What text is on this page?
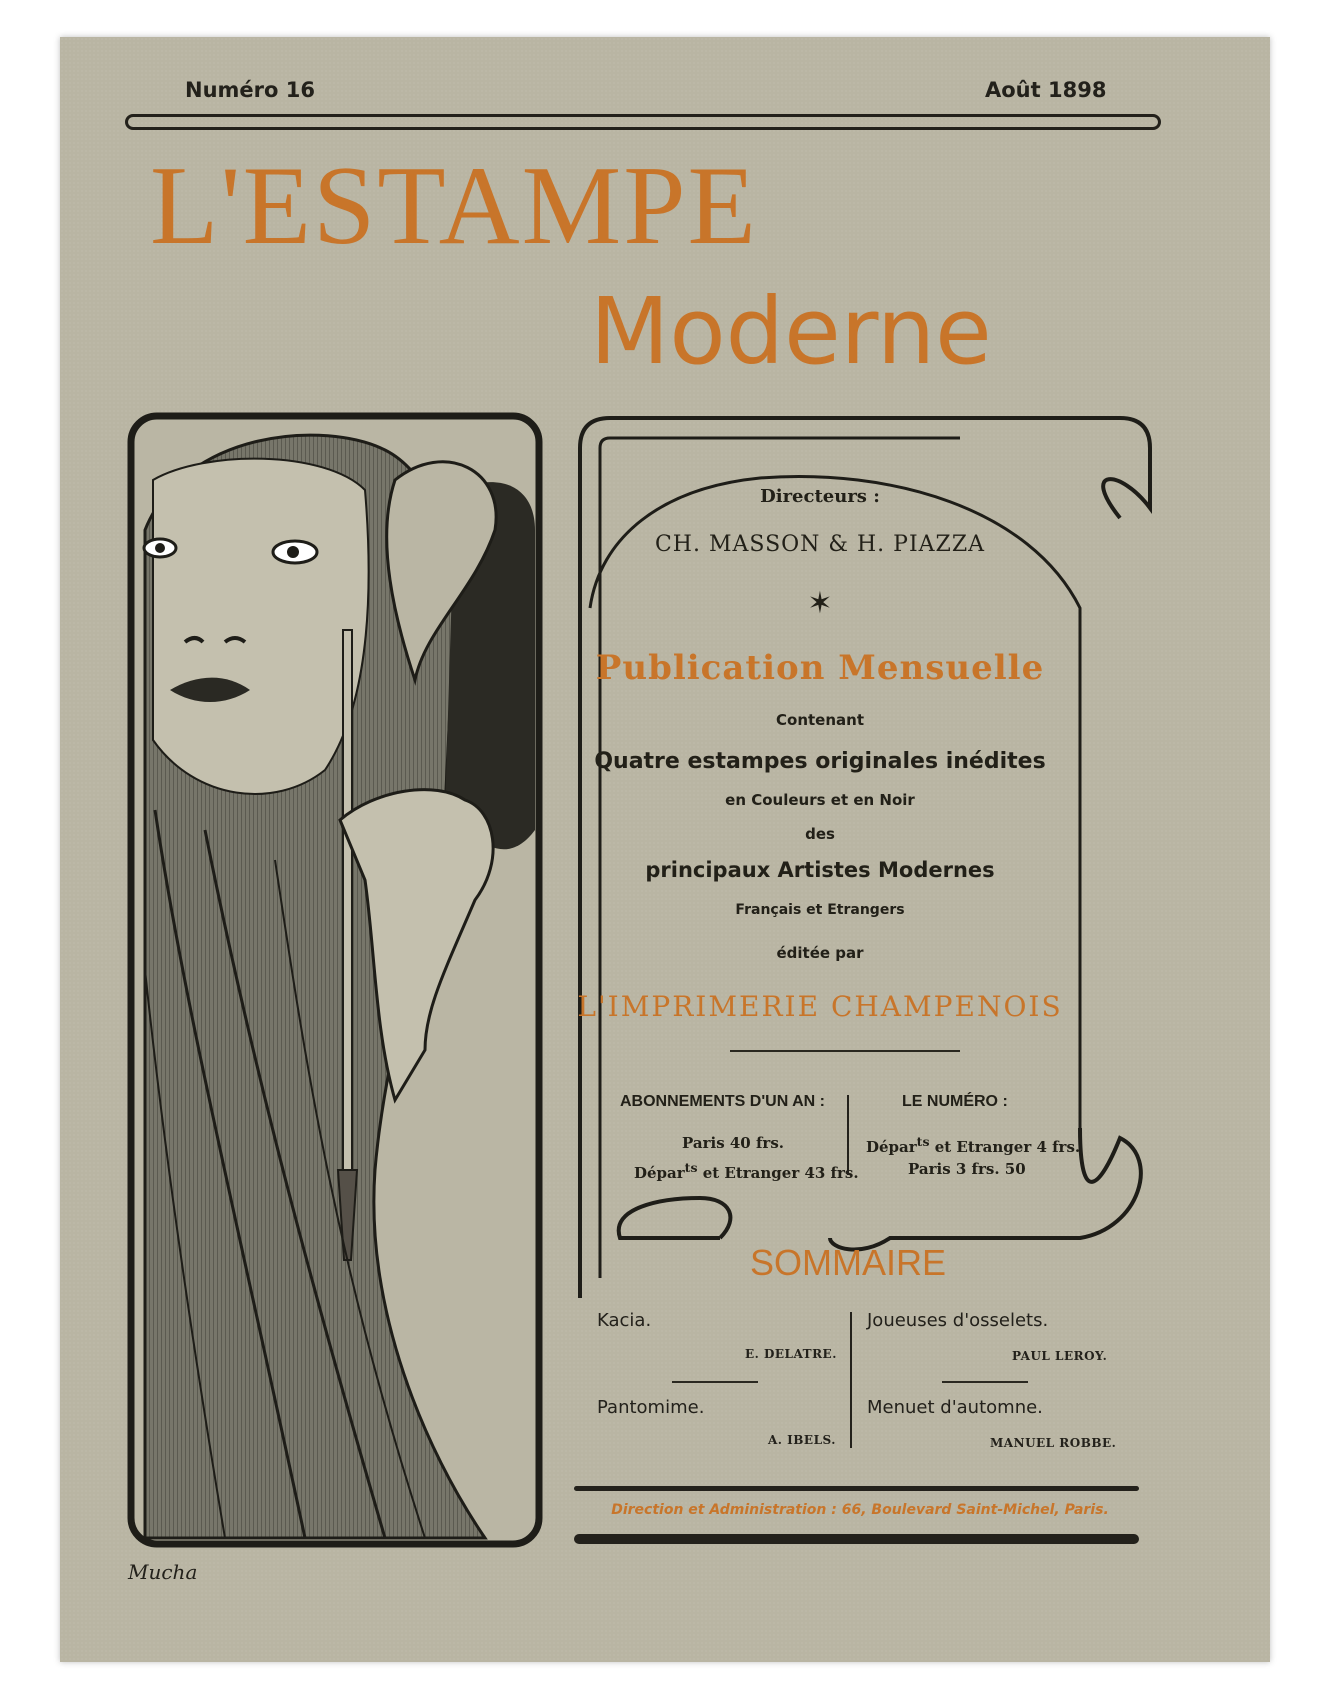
Numéro 16	Août 1898
L'ESTAMPE
Moderne
Mucha
Directeurs :
CH. MASSON & H. PIAZZA
✶
Publication Mensuelle
Contenant
Quatre estampes originales inédites
en Couleurs et en Noir
des
principaux Artistes Modernes
Français et Etrangers
éditée par
L'IMPRIMERIE CHAMPENOIS
ABONNEMENTS D'UN AN :
Paris 40 frs.
Dépar$^{ts}$ et Etranger 43 frs.
LE NUMÉRO :
Dépar$^{ts}$ et Etranger 4 frs.
Paris 3 frs. 50
SOMMAIRE
Kacia.
E. DELATRE.
Joueuses d'osselets.
PAUL LEROY.
Pantomime.
A. IBELS.
Menuet d'automne.
MANUEL ROBBE.
Direction et Administration : 66, Boulevard Saint-Michel, Paris.
